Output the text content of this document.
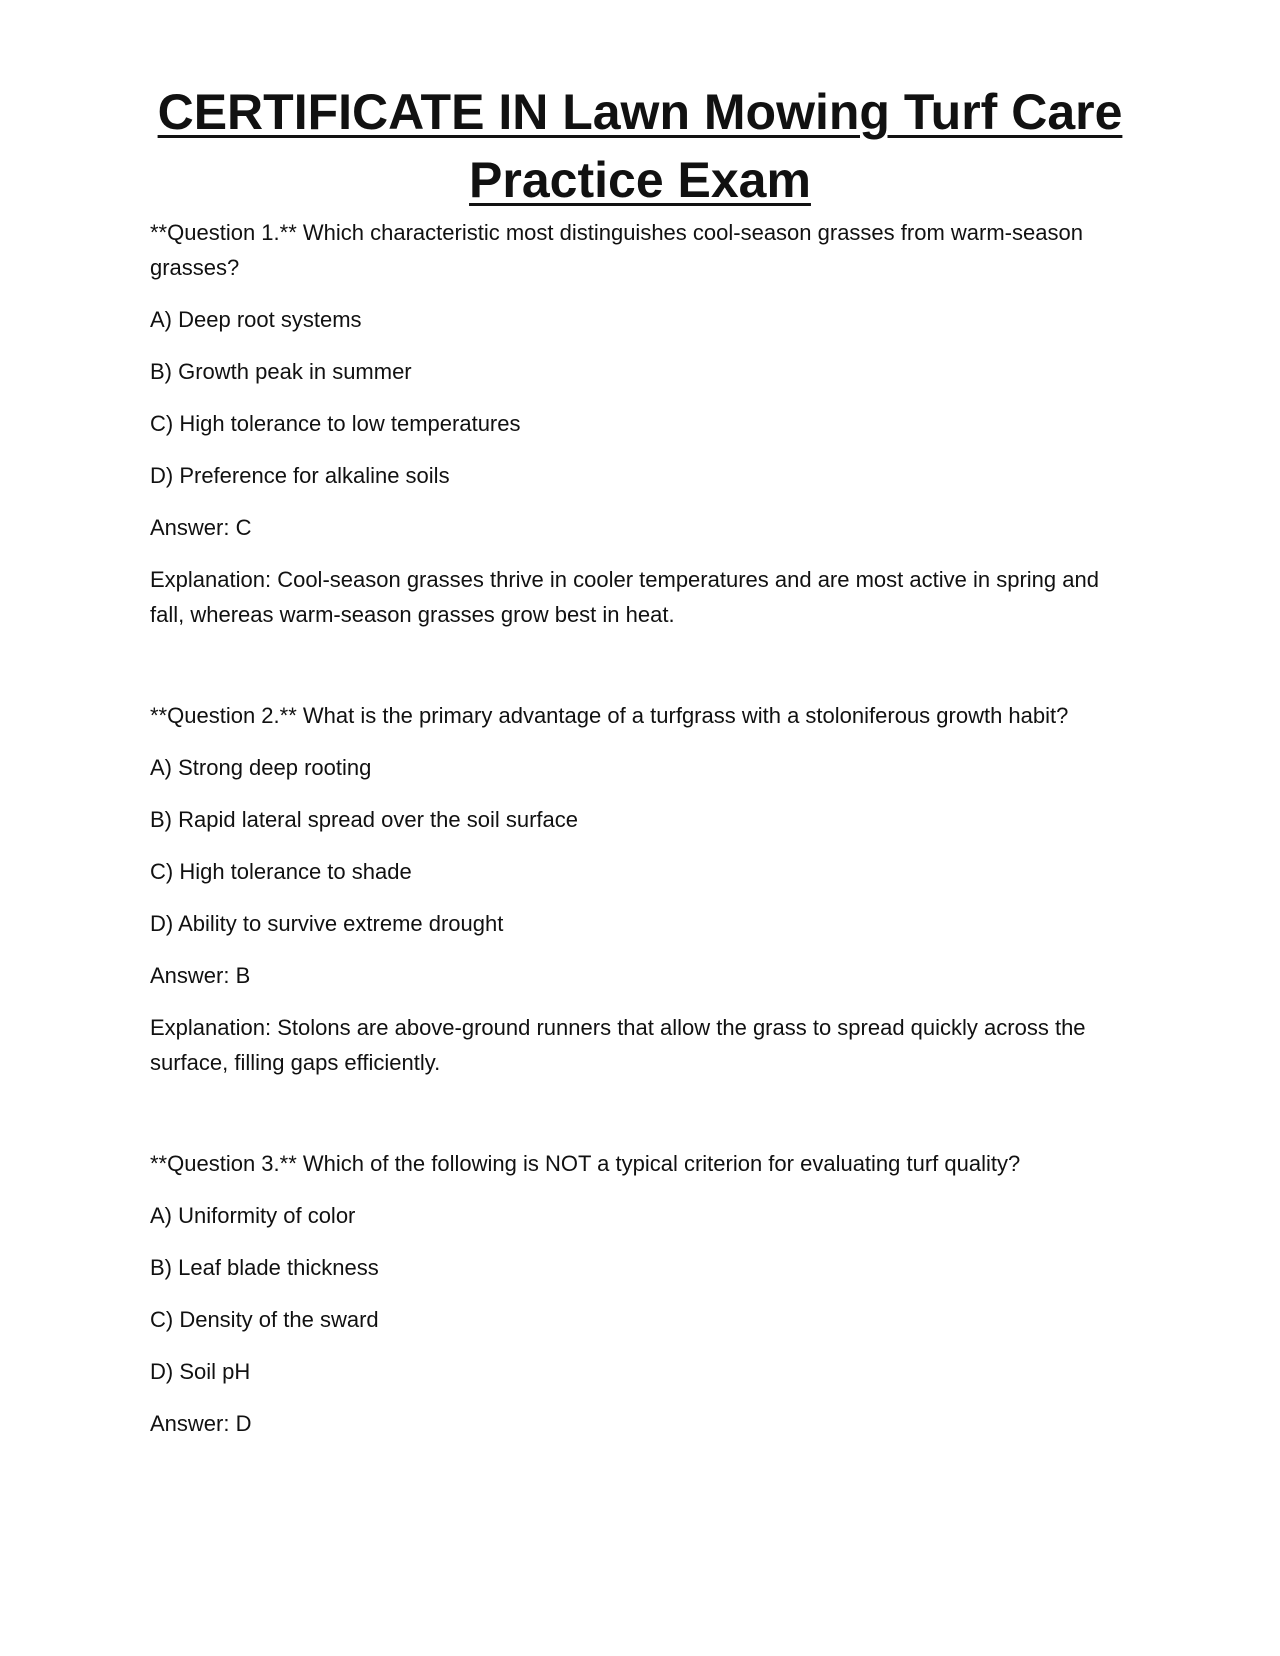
CERTIFICATE IN Lawn Mowing Turf Care
Practice Exam

**Question 1.** Which characteristic most distinguishes cool-season grasses from warm-season grasses?

A) Deep root systems

B) Growth peak in summer

C) High tolerance to low temperatures

D) Preference for alkaline soils

Answer: C

Explanation: Cool-season grasses thrive in cooler temperatures and are most active in spring and fall, whereas warm-season grasses grow best in heat.

**Question 2.** What is the primary advantage of a turfgrass with a stoloniferous growth habit?

A) Strong deep rooting

B) Rapid lateral spread over the soil surface

C) High tolerance to shade

D) Ability to survive extreme drought

Answer: B

Explanation: Stolons are above-ground runners that allow the grass to spread quickly across the surface, filling gaps efficiently.

**Question 3.** Which of the following is NOT a typical criterion for evaluating turf quality?

A) Uniformity of color

B) Leaf blade thickness

C) Density of the sward

D) Soil pH

Answer: D
